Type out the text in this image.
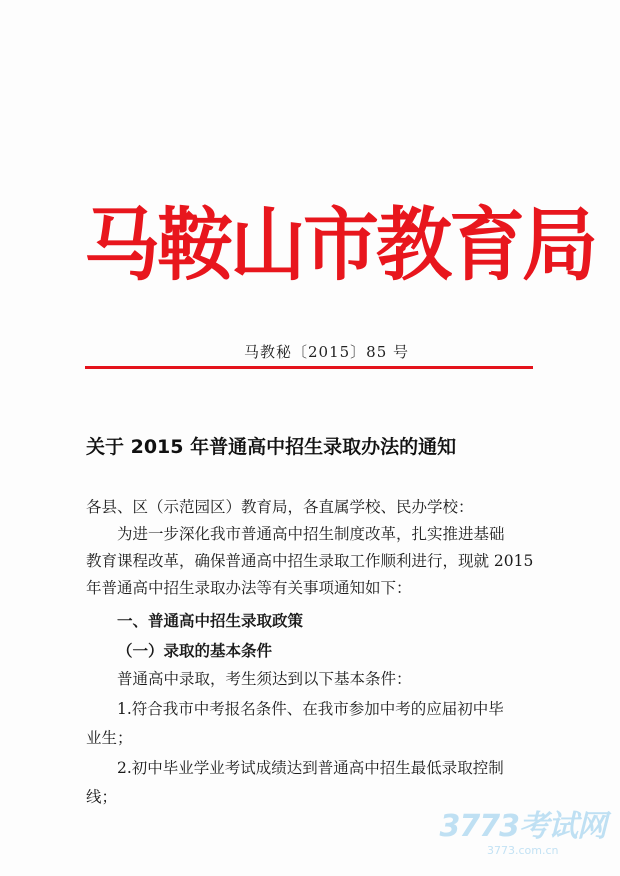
马鞍山市教育局
马教秘〔2015〕85 号
关于 2015 年普通高中招生录取办法的通知
各县、区（示范园区）教育局，各直属学校、民办学校：
为进一步深化我市普通高中招生制度改革，扎实推进基础
教育课程改革，确保普通高中招生录取工作顺利进行，现就 2015
年普通高中招生录取办法等有关事项通知如下：
一、普通高中招生录取政策
（一）录取的基本条件
普通高中录取，考生须达到以下基本条件：
1.符合我市中考报名条件、在我市参加中考的应届初中毕
业生；
2.初中毕业学业考试成绩达到普通高中招生最低录取控制
线；
3773考试网
3773.com.cn
